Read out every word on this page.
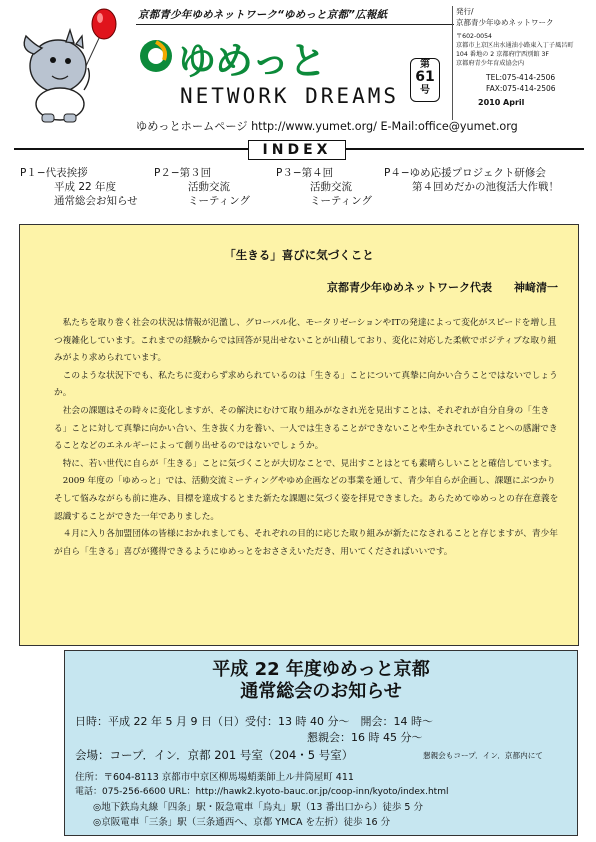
京都青少年ゆめネットワーク“ゆめっと京都”広報紙
ゆめっと
NETWORK DREAMS
第
61
号
発行/
京都青少年ゆめネットワーク
〒602-0054
京都市上京区出水通油小路東入丁子風呂町
104 番地の 2 京都府庁西別館 3F
京都府青少年育成協会内
TEL:075-414-2506
FAX:075-414-2506
2010 April
ゆめっとホームページ http://www.yumet.org/ E-Mail:office@yumet.org
INDEX
P１−代表挨拶
平成 22 年度
通常総会お知らせ
P２−第３回
活動交流
ミーティング
P３−第４回
活動交流
ミーティング
P４−ゆめ応援プロジェクト研修会
第４回めだかの池復活大作戦！
「生きる」喜びに気づくこと
京都青少年ゆめネットワーク代表　　神﨑清一

私たちを取り巻く社会の状況は情報が氾濫し、グローバル化、モータリゼーションやITの発達によって変化がスピードを増し且つ複雑化しています。これまでの経験からでは回答が見出せないことが山積しており、変化に対応した柔軟でポジティブな取り組みがより求められています。

このような状況下でも、私たちに変わらず求められているのは「生きる」ことについて真摯に向かい合うことではないでしょうか。

社会の課題はその時々に変化しますが、その解決にむけて取り組みがなされ光を見出すことは、それぞれが自分自身の「生きる」ことに対して真摯に向かい合い、生き抜く力を養い、一人では生きることができないことや生かされていることへの感謝できることなどのエネルギーによって創り出せるのではないでしょうか。

特に、若い世代に自らが「生きる」ことに気づくことが大切なことで、見出すことはとても素晴らしいことと確信しています。

2009 年度の「ゆめっと」では、活動交流ミーティングやゆめ企画などの事業を通して、青少年自らが企画し、課題にぶつかりそして悩みながらも前に進み、目標を達成するとまた新たな課題に気づく姿を拝見できました。あらためてゆめっとの存在意義を認識することができた一年でありました。

４月に入り各加盟団体の皆様におかれましても、それぞれの目的に応じた取り組みが新たになされることと存じますが、青少年が自ら「生きる」喜びが獲得できるようにゆめっとをおささえいただき、用いてくださればいいです。

平成 22 年度ゆめっと京都
通常総会のお知らせ
日時：平成 22 年 5 月 9 日（日）受付：13 時 40 分〜　開会：14 時〜
懇親会：16 時 45 分〜
会場：コープ．イン．京都 201 号室（204・5 号室）	懇親会もコープ．イン．京都内にて
住所：〒604-8113 京都市中京区柳馬場蛸薬師上ル井筒屋町 411
電話：075-256-6600 URL：http://hawk2.kyoto-bauc.or.jp/coop-inn/kyoto/index.html
◎地下鉄烏丸線「四条」駅・阪急電車「烏丸」駅（13 番出口から）徒歩 5 分
◎京阪電車「三条」駅（三条通西へ、京都 YMCA を左折）徒歩 16 分
